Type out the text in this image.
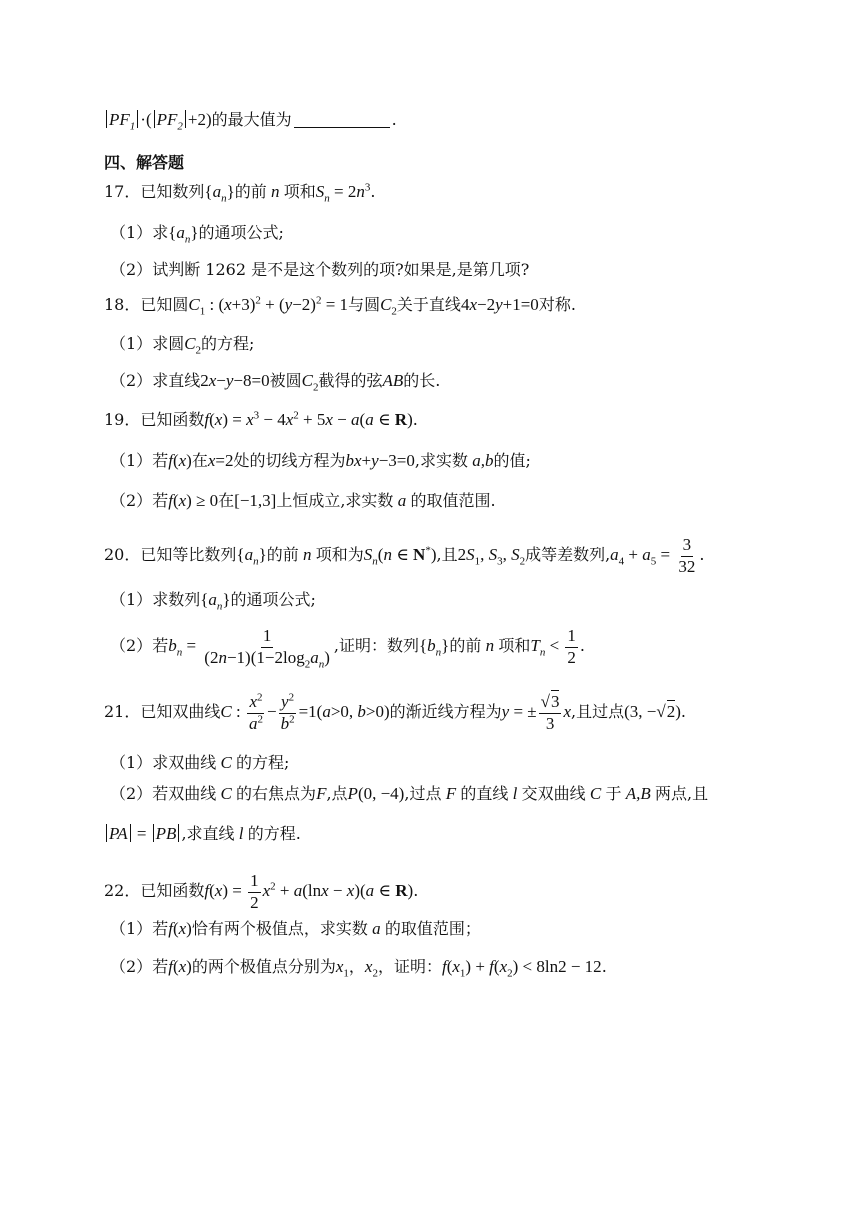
$PF_1$ ·( $PF_2 +2$)的最大值为	.
四、解答题
17．已知数列$\{a_n\}$的前 n 项和$S_n = 2n^3$.
（1）求$\{a_n\}$的通项公式;
（2）试判断 1262 是不是这个数列的项?如果是,是第几项?
18．已知圆$C_1$ : $(x+3)^2 + (y-2)^2 = 1$与圆$C_2$关于直线4x−2y+1=0对称.
（1）求圆$C_2$的方程;
（2）求直线2x−y−8=0被圆$C_2$截得的弦AB的长.
19．已知函数$f(x) = x^3 - 4x^2 + 5x - a(a$ ∈ R).
（1）若f(x)在x=2处的切线方程为bx+y−3=0,求实数 a,b的值;
（2）若f(x) ≥ 0在[−1,3]上恒成立,求实数 a 的取值范围.
20．已知等比数列$\{a_n\}$的前 n 项和为$S_n(n$ ∈ N*),且$2S_1$, $S_3$, $S_2$成等差数列$,a_4 + a_5 = \frac{3}{32}$ .
（1）求数列$\{a_n\}$的通项公式;
（2）若$b_n = \frac{1}{(2n-1)(1-2\log_2a_n)}$ ,证明：数列$\{b_n\}$的前 n 项和$T_n < \frac{1}{2}$ .
21．已知双曲线C : $\frac{x^2}{a^2} - \frac{y^2}{b^2} =1(a>0$, b>0)的渐近线方程为y = ± $\frac{√3}{3} x$,且过点(3, −√2).
（1）求双曲线 C 的方程;
（2）若双曲线 C 的右焦点为F,点P(0, −4),过点 F 的直线 l 交双曲线 C 于 A,B 两点,且
PA = PB ,求直线 l 的方程.
22．已知函数$f(x) = \frac{1}{2} x^2 + a(\ln x - x)(a$ ∈ R).
（1）若f(x)恰有两个极值点，求实数 a 的取值范围；
（2）若f(x)的两个极值点分别为$x_1$，$x_2$，证明：$f(x_1) + f(x_2) < 8\ln 2 - 12$.
